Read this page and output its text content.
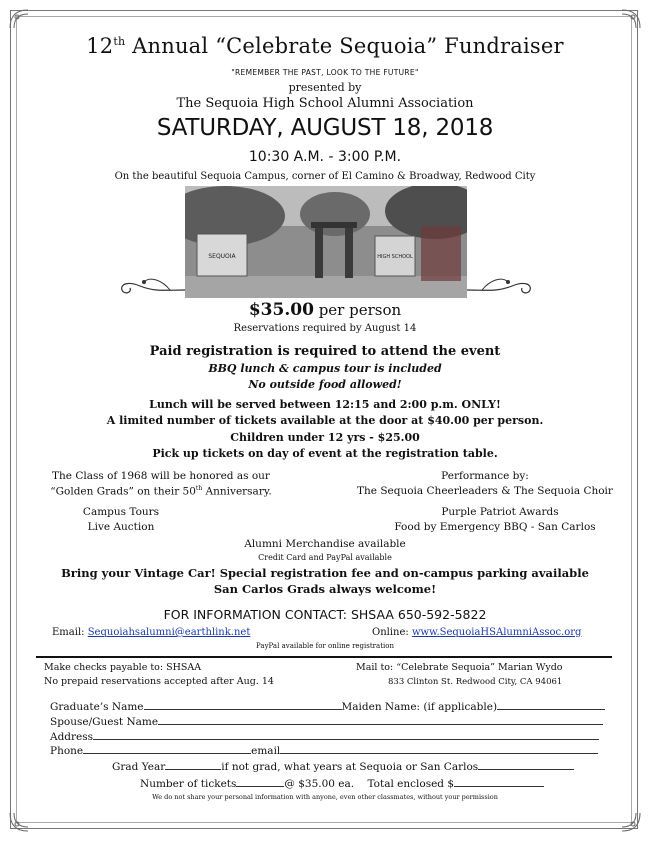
12th Annual “Celebrate Sequoia” Fundraiser
"REMEMBER THE PAST, LOOK TO THE FUTURE"
presented by
The Sequoia High School Alumni Association
SATURDAY, AUGUST 18, 2018
10:30 A.M. - 3:00 P.M.
On the beautiful Sequoia Campus, corner of El Camino & Broadway, Redwood City
SEQUOIA	HIGH SCHOOL
$35.00 per person
Reservations required by August 14
Paid registration is required to attend the event
BBQ lunch & campus tour is included
No outside food allowed!
Lunch will be served between 12:15 and 2:00 p.m. ONLY!
A limited number of tickets available at the door at $40.00 per person.
Children under 12 yrs - $25.00
Pick up tickets on day of event at the registration table.
The Class of 1968 will be honored as our
“Golden Grads” on their 50th Anniversary.
Performance by:
The Sequoia Cheerleaders & The Sequoia Choir
Campus Tours
Live Auction
Purple Patriot Awards
Food by Emergency BBQ - San Carlos
Alumni Merchandise available
Credit Card and PayPal available
Bring your Vintage Car! Special registration fee and on-campus parking available
San Carlos Grads always welcome!
FOR INFORMATION CONTACT: SHSAA 650-592-5822
Email: Sequoiahsalumni@earthlink.net	Online: www.SequoiaHSAlumniAssoc.org
PayPal available for online registration
Make checks payable to: SHSAA
No prepaid reservations accepted after Aug. 14
Mail to: “Celebrate Sequoia” Marian Wydo
833 Clinton St. Redwood City, CA 94061
Graduate’s Name	Maiden Name: (if applicable)
Spouse/Guest Name
Address
Phone	email
Grad Year	if not grad, what years at Sequoia or San Carlos
Number of tickets	@ $35.00 ea. Total enclosed $
We do not share your personal information with anyone, even other classmates, without your permission
